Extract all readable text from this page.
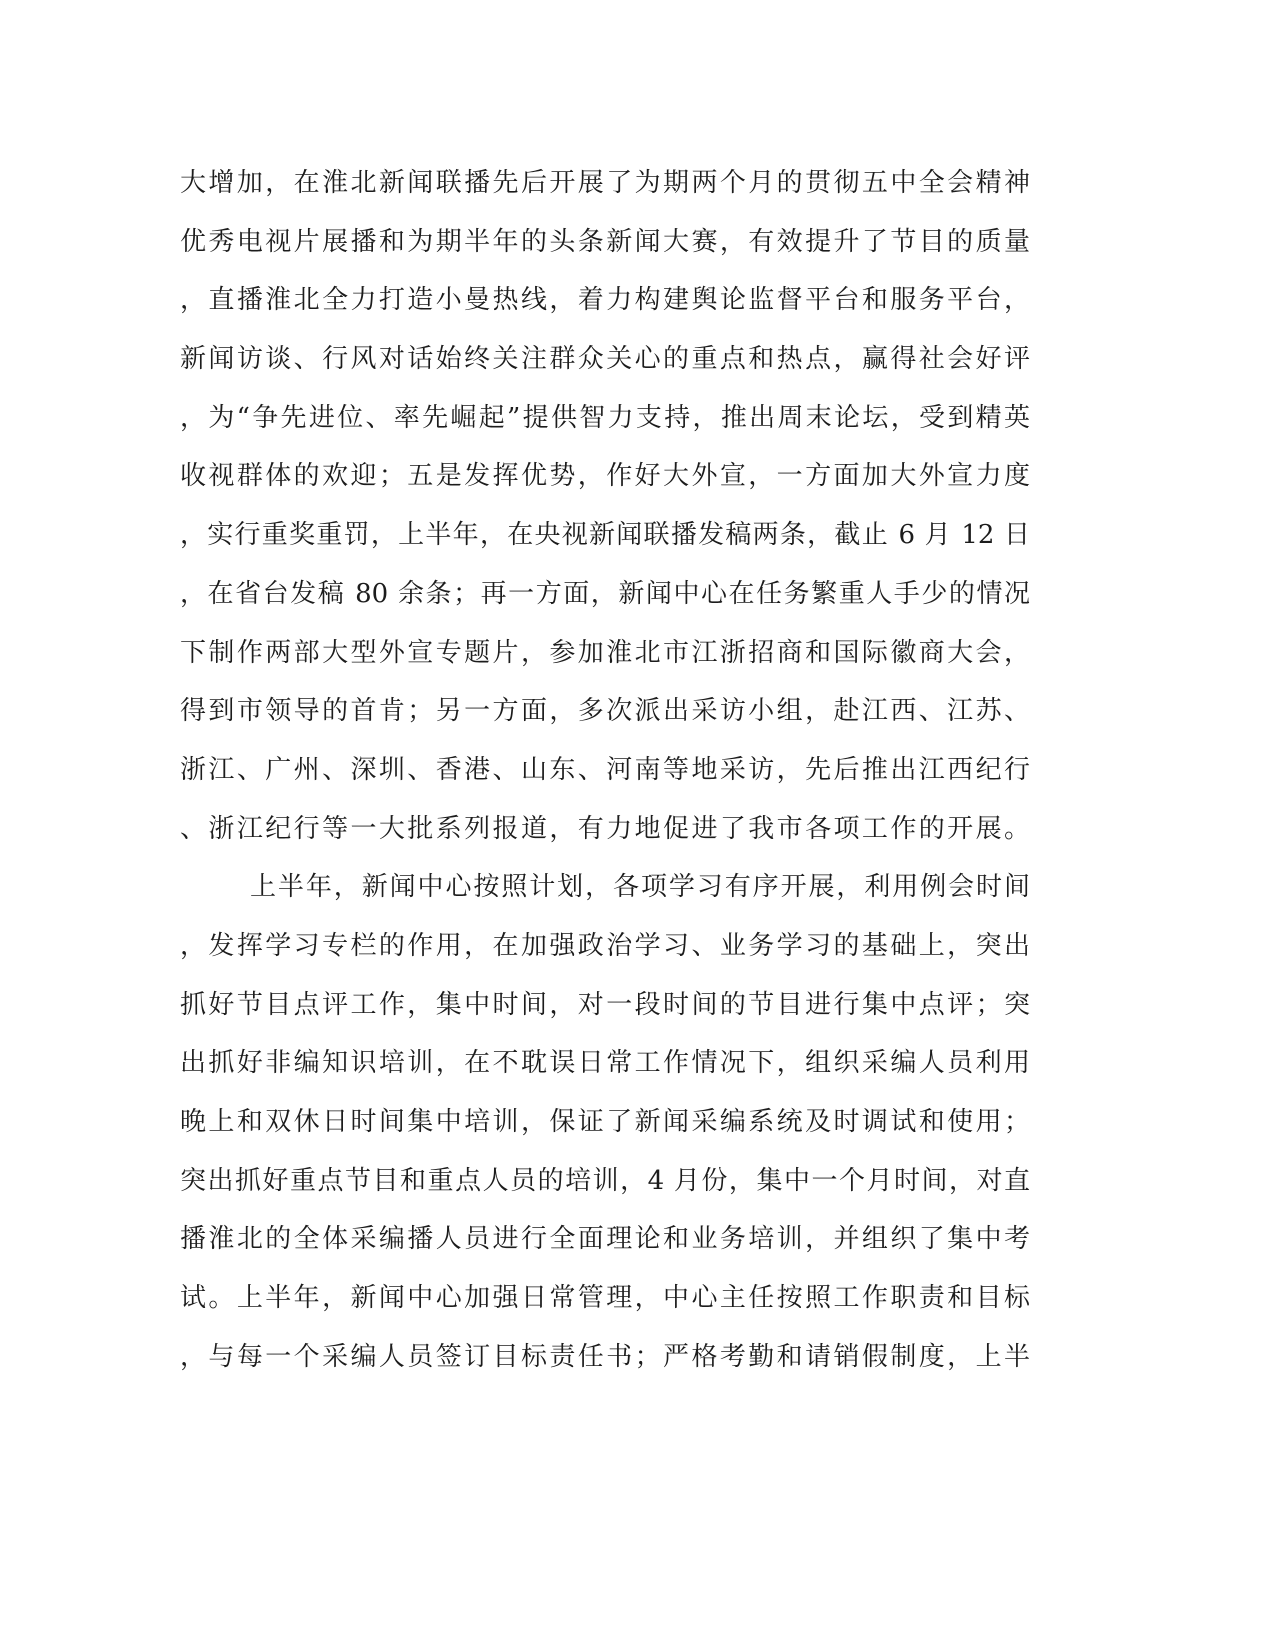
大增加，在淮北新闻联播先后开展了为期两个月的贯彻五中全会精神
优秀电视片展播和为期半年的头条新闻大赛，有效提升了节目的质量
，直播淮北全力打造小曼热线，着力构建舆论监督平台和服务平台，
新闻访谈、行风对话始终关注群众关心的重点和热点，赢得社会好评
，为“争先进位、率先崛起”提供智力支持，推出周末论坛，受到精英
收视群体的欢迎；五是发挥优势，作好大外宣，一方面加大外宣力度
，实行重奖重罚，上半年，在央视新闻联播发稿两条，截止 6 月 12 日
，在省台发稿 80 余条；再一方面，新闻中心在任务繁重人手少的情况
下制作两部大型外宣专题片，参加淮北市江浙招商和国际徽商大会，
得到市领导的首肯；另一方面，多次派出采访小组，赴江西、江苏、
浙江、广州、深圳、香港、山东、河南等地采访，先后推出江西纪行
、浙江纪行等一大批系列报道，有力地促进了我市各项工作的开展。
上半年，新闻中心按照计划，各项学习有序开展，利用例会时间
，发挥学习专栏的作用，在加强政治学习、业务学习的基础上，突出
抓好节目点评工作，集中时间，对一段时间的节目进行集中点评；突
出抓好非编知识培训，在不耽误日常工作情况下，组织采编人员利用
晚上和双休日时间集中培训，保证了新闻采编系统及时调试和使用；
突出抓好重点节目和重点人员的培训，4 月份，集中一个月时间，对直
播淮北的全体采编播人员进行全面理论和业务培训，并组织了集中考
试。上半年，新闻中心加强日常管理，中心主任按照工作职责和目标
，与每一个采编人员签订目标责任书；严格考勤和请销假制度，上半
